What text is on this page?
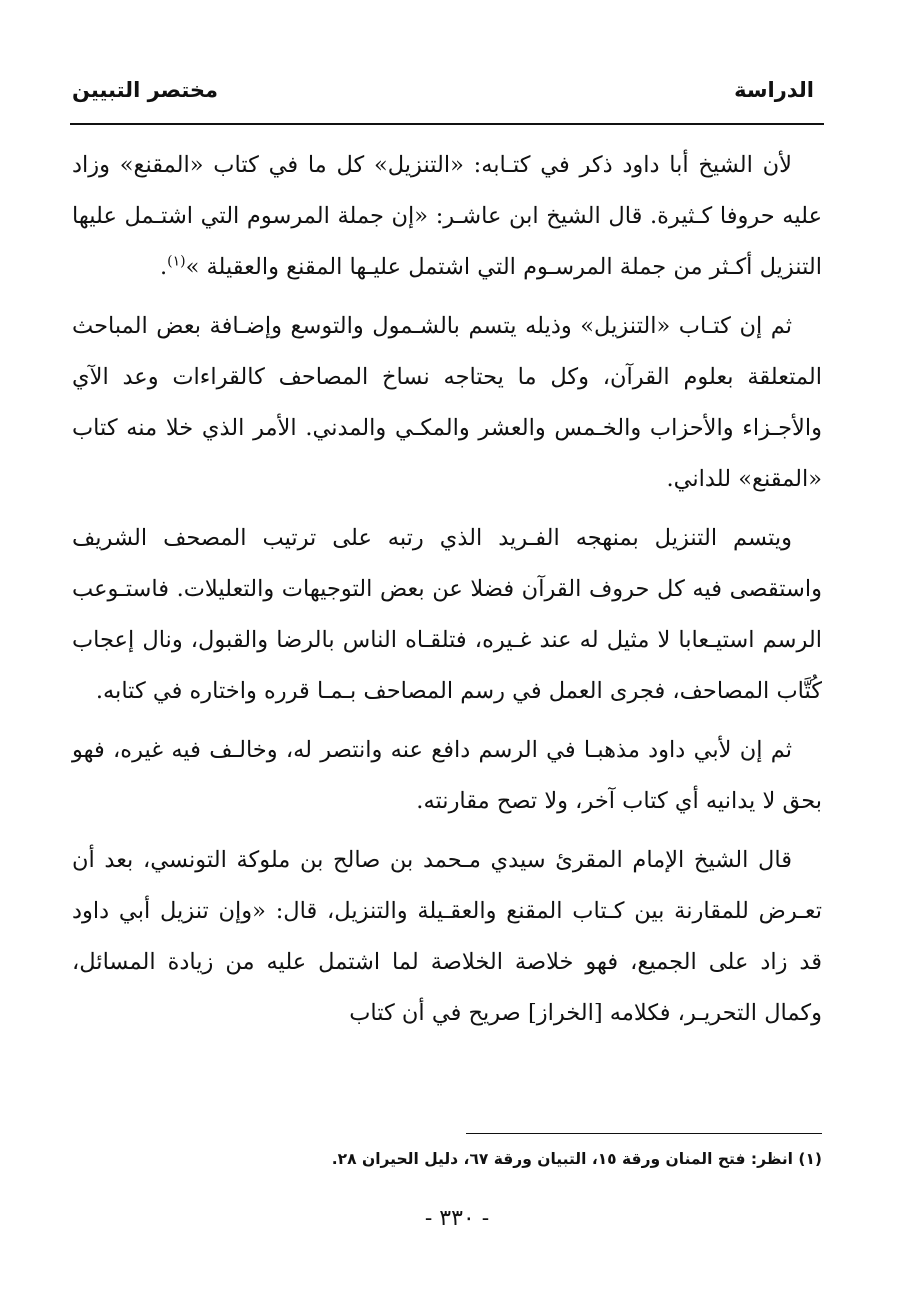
الدراسة
مختصر التبيين

لأن الشيخ أبا داود ذكر في كتـابه: «التنزيل» كل ما في كتاب «المقنع» وزاد عليه حروفا كـثيرة. قال الشيخ ابن عاشـر: «إن جملة المرسوم التي اشتـمل عليها التنزيل أكـثر من جملة المرسـوم التي اشتمل عليـها المقنع والعقيلة »$^{(١)}$.

ثم إن كتـاب «التنزيل» وذيله يتسم بالشـمول والتوسع وإضـافة بعض المباحث المتعلقة بعلوم القرآن، وكل ما يحتاجه نساخ المصاحف كالقراءات وعد الآي والأجـزاء والأحزاب والخـمس والعشر والمكـي والمدني. الأمر الذي خلا منه كتاب «المقنع» للداني.

ويتسم التنزيل بمنهجه الفـريد الذي رتبه على ترتيب المصحف الشريف واستقصى فيه كل حروف القرآن فضلا عن بعض التوجيهات والتعليلات. فاستـوعب الرسم استيـعابا لا مثيل له عند غـيره، فتلقـاه الناس بالرضا والقبول، ونال إعجاب كُتَّاب المصاحف، فجرى العمل في رسم المصاحف بـمـا قرره واختاره في كتابه.

ثم إن لأبي داود مذهبـا في الرسم دافع عنه وانتصر له، وخالـف فيه غيره، فهو بحق لا يدانيه أي كتاب آخر، ولا تصح مقارنته.

قال الشيخ الإمام المقرئ سيدي مـحمد بن صالح بن ملوكة التونسي، بعد أن تعـرض للمقارنة بين كـتاب المقنع والعقـيلة والتنزيل، قال: «وإن تنزيل أبي داود قد زاد على الجميع، فهو خلاصة الخلاصة لما اشتمل عليه من زيادة المسائل، وكمال التحريـر، فكلامه [الخراز] صريح في أن كتاب

(١) انظر: فتح المنان ورقة ١٥، التبيان ورقة ٦٧، دليل الحيران ٢٨.
- ٣٣٠ -
